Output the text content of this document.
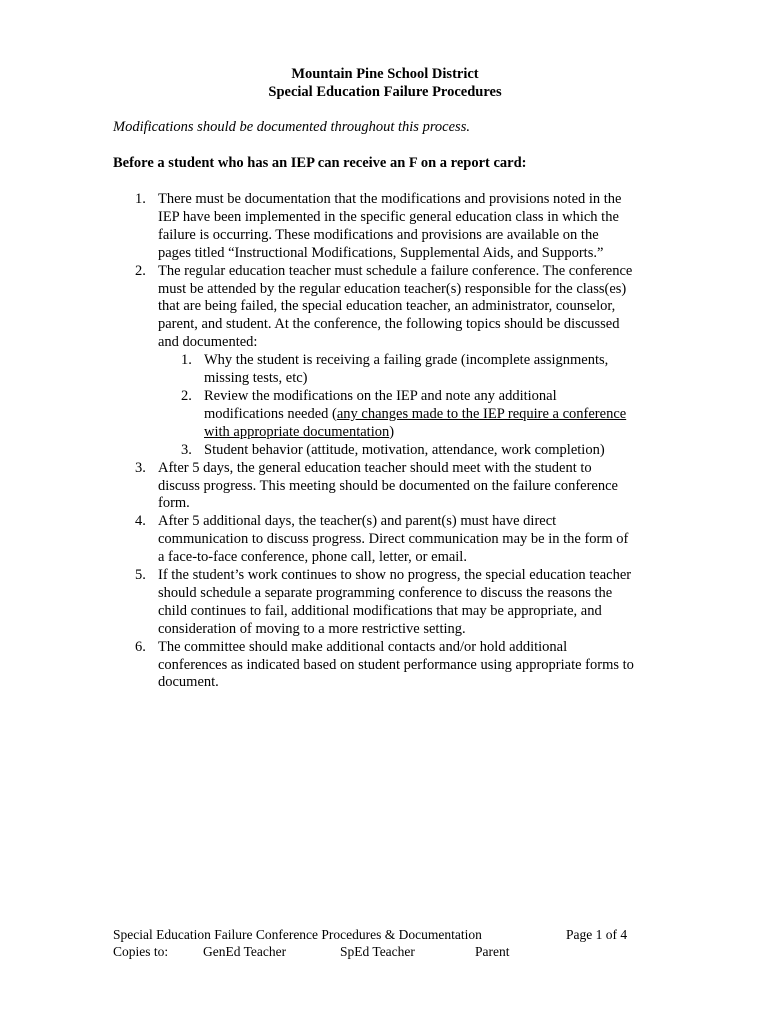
Mountain Pine School District
Special Education Failure Procedures
Modifications should be documented throughout this process.
Before a student who has an IEP can receive an F on a report card:
1. There must be documentation that the modifications and provisions noted in the
IEP have been implemented in the specific general education class in which the
failure is occurring. These modifications and provisions are available on the
pages titled “Instructional Modifications, Supplemental Aids, and Supports.”
2. The regular education teacher must schedule a failure conference. The conference
must be attended by the regular education teacher(s) responsible for the class(es)
that are being failed, the special education teacher, an administrator, counselor,
parent, and student. At the conference, the following topics should be discussed
and documented:
1. Why the student is receiving a failing grade (incomplete assignments,
missing tests, etc)
2. Review the modifications on the IEP and note any additional
modifications needed (any changes made to the IEP require a conference
with appropriate documentation)
3. Student behavior (attitude, motivation, attendance, work completion)
3. After 5 days, the general education teacher should meet with the student to
discuss progress. This meeting should be documented on the failure conference
form.
4. After 5 additional days, the teacher(s) and parent(s) must have direct
communication to discuss progress. Direct communication may be in the form of
a face-to-face conference, phone call, letter, or email.
5. If the student’s work continues to show no progress, the special education teacher
should schedule a separate programming conference to discuss the reasons the
child continues to fail, additional modifications that may be appropriate, and
consideration of moving to a more restrictive setting.
6. The committee should make additional contacts and/or hold additional
conferences as indicated based on student performance using appropriate forms to
document.
Special Education Failure Conference Procedures & Documentation	Page 1 of 4
Copies to:	GenEd Teacher	SpEd Teacher	Parent
